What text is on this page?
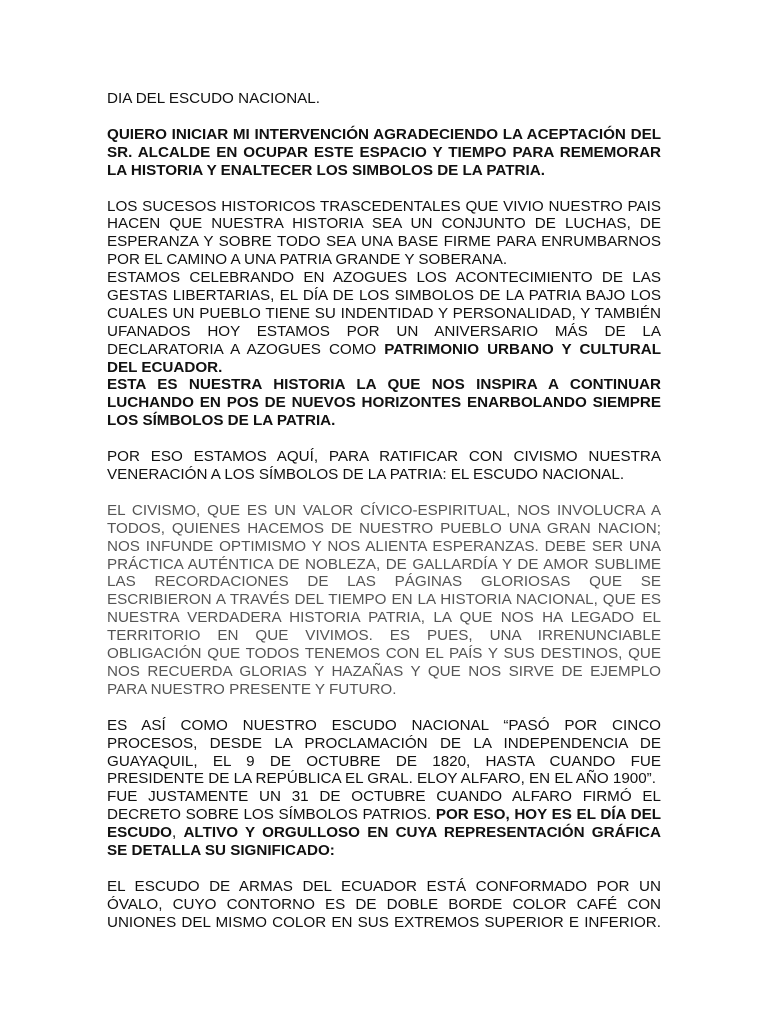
DIA DEL ESCUDO NACIONAL.

QUIERO INICIAR MI INTERVENCIÓN AGRADECIENDO LA ACEPTACIÓN DEL
SR. ALCALDE EN OCUPAR ESTE ESPACIO Y TIEMPO PARA REMEMORAR
LA HISTORIA Y ENALTECER LOS SIMBOLOS DE LA PATRIA.

LOS SUCESOS HISTORICOS TRASCEDENTALES QUE VIVIO NUESTRO PAIS
HACEN QUE NUESTRA HISTORIA SEA UN CONJUNTO DE LUCHAS, DE
ESPERANZA Y SOBRE TODO SEA UNA BASE FIRME PARA ENRUMBARNOS
POR EL CAMINO A UNA PATRIA GRANDE Y SOBERANA.

ESTAMOS CELEBRANDO EN AZOGUES LOS ACONTECIMIENTO DE LAS
GESTAS LIBERTARIAS, EL DÍA DE LOS SIMBOLOS DE LA PATRIA BAJO LOS
CUALES UN PUEBLO TIENE SU INDENTIDAD Y PERSONALIDAD, Y TAMBIÉN
UFANADOS HOY ESTAMOS POR UN ANIVERSARIO MÁS DE LA
DECLARATORIA A AZOGUES COMO PATRIMONIO URBANO Y CULTURAL
DEL ECUADOR.

ESTA ES NUESTRA HISTORIA LA QUE NOS INSPIRA A CONTINUAR
LUCHANDO EN POS DE NUEVOS HORIZONTES ENARBOLANDO SIEMPRE
LOS SÍMBOLOS DE LA PATRIA.

POR ESO ESTAMOS AQUÍ, PARA RATIFICAR CON CIVISMO NUESTRA
VENERACIÓN A LOS SÍMBOLOS DE LA PATRIA: EL ESCUDO NACIONAL.

EL CIVISMO, QUE ES UN VALOR CÍVICO-ESPIRITUAL, NOS INVOLUCRA A
TODOS, QUIENES HACEMOS DE NUESTRO PUEBLO UNA GRAN NACION;
NOS INFUNDE OPTIMISMO Y NOS ALIENTA ESPERANZAS. DEBE SER UNA
PRÁCTICA AUTÉNTICA DE NOBLEZA, DE GALLARDÍA Y DE AMOR SUBLIME
LAS RECORDACIONES DE LAS PÁGINAS GLORIOSAS QUE SE
ESCRIBIERON A TRAVÉS DEL TIEMPO EN LA HISTORIA NACIONAL, QUE ES
NUESTRA VERDADERA HISTORIA PATRIA, LA QUE NOS HA LEGADO EL
TERRITORIO EN QUE VIVIMOS. ES PUES, UNA IRRENUNCIABLE
OBLIGACIÓN QUE TODOS TENEMOS CON EL PAÍS Y SUS DESTINOS, QUE
NOS RECUERDA GLORIAS Y HAZAÑAS Y QUE NOS SIRVE DE EJEMPLO
PARA NUESTRO PRESENTE Y FUTURO.

ES ASÍ COMO NUESTRO ESCUDO NACIONAL “PASÓ POR CINCO
PROCESOS, DESDE LA PROCLAMACIÓN DE LA INDEPENDENCIA DE
GUAYAQUIL, EL 9 DE OCTUBRE DE 1820, HASTA CUANDO FUE
PRESIDENTE DE LA REPÚBLICA EL GRAL. ELOY ALFARO, EN EL AÑO 1900”.
FUE JUSTAMENTE UN 31 DE OCTUBRE CUANDO ALFARO FIRMÓ EL
DECRETO SOBRE LOS SÍMBOLOS PATRIOS. POR ESO, HOY ES EL DÍA DEL
ESCUDO, ALTIVO Y ORGULLOSO EN CUYA REPRESENTACIÓN GRÁFICA
SE DETALLA SU SIGNIFICADO:

EL ESCUDO DE ARMAS DEL ECUADOR ESTÁ CONFORMADO POR UN
ÓVALO, CUYO CONTORNO ES DE DOBLE BORDE COLOR CAFÉ CON
UNIONES DEL MISMO COLOR EN SUS EXTREMOS SUPERIOR E INFERIOR.
